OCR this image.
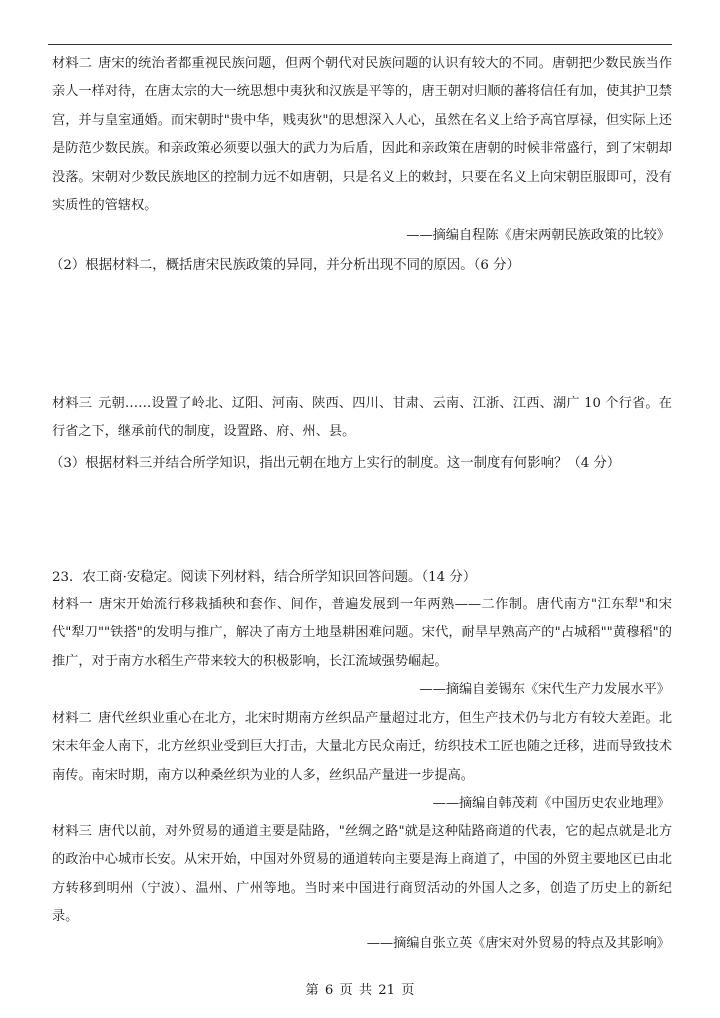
材料二 唐宋的统治者都重视民族问题，但两个朝代对民族问题的认识有较大的不同。唐朝把少数民族当作亲人一样对待，在唐太宗的大一统思想中夷狄和汉族是平等的，唐王朝对归顺的蕃将信任有加，使其护卫禁宫，并与皇室通婚。而宋朝时"贵中华，贱夷狄"的思想深入人心，虽然在名义上给予高官厚禄，但实际上还是防范少数民族。和亲政策必须要以强大的武力为后盾，因此和亲政策在唐朝的时候非常盛行，到了宋朝却没落。宋朝对少数民族地区的控制力远不如唐朝，只是名义上的敕封，只要在名义上向宋朝臣服即可，没有实质性的管辖权。
——摘编自程陈《唐宋两朝民族政策的比较》
（2）根据材料二，概括唐宋民族政策的异同，并分析出现不同的原因。（6 分）
材料三 元朝……设置了岭北、辽阳、河南、陕西、四川、甘肃、云南、江浙、江西、湖广 10 个行省。在行省之下，继承前代的制度，设置路、府、州、县。
（3）根据材料三并结合所学知识，指出元朝在地方上实行的制度。这一制度有何影响？（4 分）
23．农工商·安稳定。阅读下列材料，结合所学知识回答问题。（14 分）
材料一 唐宋开始流行移栽插秧和套作、间作，普遍发展到一年两熟——二作制。唐代南方"江东犁"和宋代"犁刀""铁搭"的发明与推广，解决了南方土地垦耕困难问题。宋代，耐旱早熟高产的"占城稻""黄穆稻"的推广，对于南方水稻生产带来较大的积极影响，长江流域强势崛起。
——摘编自姜锡东《宋代生产力发展水平》
材料二 唐代丝织业重心在北方，北宋时期南方丝织品产量超过北方，但生产技术仍与北方有较大差距。北宋末年金人南下，北方丝织业受到巨大打击，大量北方民众南迁，纺织技术工匠也随之迁移，进而导致技术南传。南宋时期，南方以种桑丝织为业的人多，丝织品产量进一步提高。
——摘编自韩茂莉《中国历史农业地理》
材料三 唐代以前，对外贸易的通道主要是陆路，"丝绸之路"就是这种陆路商道的代表，它的起点就是北方的政治中心城市长安。从宋开始，中国对外贸易的通道转向主要是海上商道了，中国的外贸主要地区已由北方转移到明州（宁波）、温州、广州等地。当时来中国进行商贸活动的外国人之多，创造了历史上的新纪录。
——摘编自张立英《唐宋对外贸易的特点及其影响》
第 6 页 共 21 页
